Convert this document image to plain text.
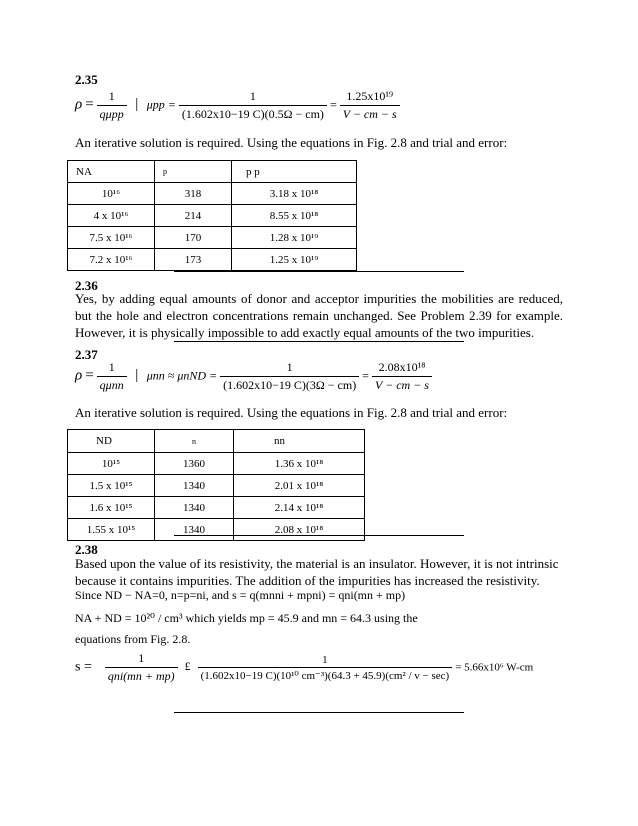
2.35
$\rho = \frac{1}{\text{qμpp}}$ | $\mu pp = \frac{1}{(1.602x10-19 C)(0.5\Omega - cm)} = \frac{\text{1.25x10¹⁹}}{V - cm - s}$
An iterative solution is required. Using the equations in Fig. 2.8 and trial and error:
NA	p	p p
10¹⁶	318	3.18 x 10¹⁸
4 x 10¹⁶	214	8.55 x 10¹⁸
7.5 x 10¹⁶	170	1.28 x 10¹⁹
7.2 x 10¹⁶	173	1.25 x 10¹⁹
2.36
Yes, by adding equal amounts of donor and acceptor impurities the mobilities are reduced, but the hole and electron concentrations remain unchanged. See Problem 2.39 for example. However, it is physically impossible to add exactly equal amounts of the two impurities.
2.37
$\rho = \frac{1}{\text{qμnn}}$ | $\mu nn \approx \mu nND = \frac{1}{(1.602x10-19 C)(3\Omega - cm)} = \frac{\text{2.08x10¹⁸}}{V - cm - s}$
An iterative solution is required. Using the equations in Fig. 2.8 and trial and error:
ND	n	nn
10¹⁵	1360	1.36 x 10¹⁸
1.5 x 10¹⁵	1340	2.01 x 10¹⁸
1.6 x 10¹⁵	1340	2.14 x 10¹⁸
1.55 x 10¹⁵	1340	2.08 x 10¹⁸
2.38
Based upon the value of its resistivity, the material is an insulator. However, it is not intrinsic because it contains impurities. The addition of the impurities has increased the resistivity.
Since ND − NA=0, n=p=ni, and s = q(mnni + mpni) = qni(mn + mp)
NA + ND = 10²⁰ / cm³ which yields mp = 45.9 and mn = 64.3 using the
equations from Fig. 2.8.
$s = \frac{1}{\text{qni(mn + mp)}}$ £ $\frac{1}{\text{(1.602x10−19 C)(10¹⁰ cm⁻³)(64.3 + 45.9)(cm² / v − sec)}} = 5.66x10^6$ W-cm
